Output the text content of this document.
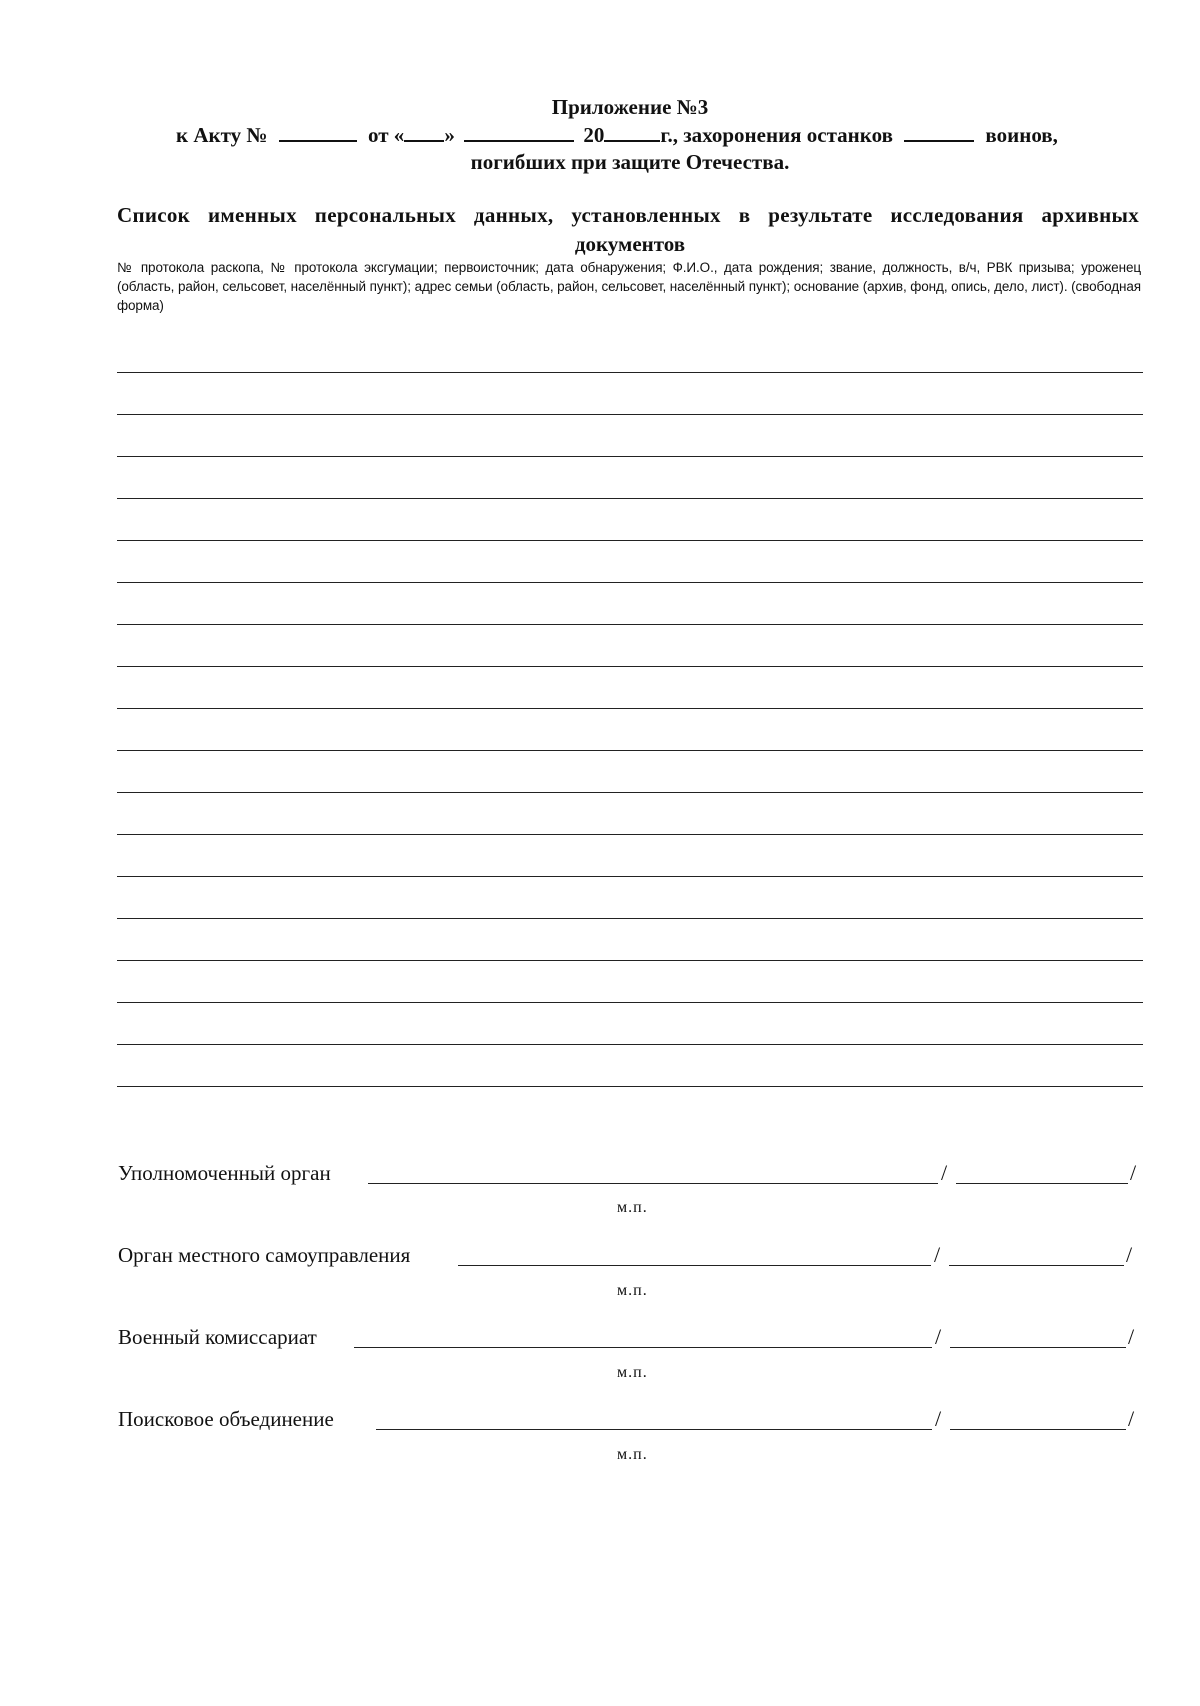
Приложение №3
к Акту №	от « »	20	г., захоронения останков	воинов,
погибших при защите Отечества.
Список именных персональных данных, установленных в результате исследования архивных
документов
№ протокола раскопа, № протокола эксгумации; первоисточник; дата обнаружения; Ф.И.О., дата рождения; звание, должность, в/ч, РВК призыва; уроженец (область, район, сельсовет, населённый пункт); адрес семьи (область, район, сельсовет, населённый пункт); основание (архив, фонд, опись, дело, лист). (свободная форма)
Уполномоченный орган	/	/
м.п.
Орган местного самоуправления	/	/
м.п.
Военный комиссариат	/	/
м.п.
Поисковое объединение	/	/
м.п.
